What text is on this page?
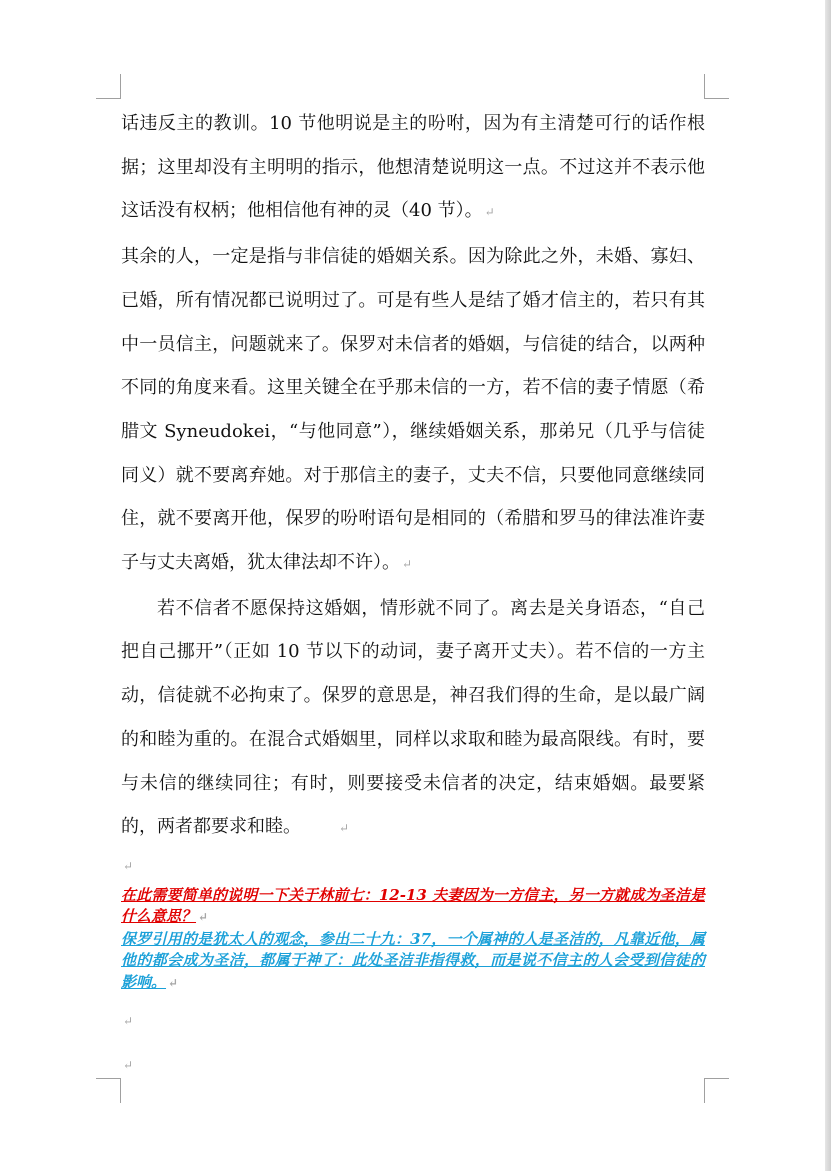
话违反主的教训。10 节他明说是主的吩咐，因为有主清楚可行的话作根据；这里却没有主明明的指示，他想清楚说明这一点。不过这并不表示他这话没有权柄；他相信他有神的灵（40 节）。 ↵

其余的人，一定是指与非信徒的婚姻关系。因为除此之外，未婚、寡妇、已婚，所有情况都已说明过了。可是有些人是结了婚才信主的，若只有其中一员信主，问题就来了。保罗对未信者的婚姻，与信徒的结合，以两种不同的角度来看。这里关键全在乎那未信的一方，若不信的妻子情愿（希腊文 Syneudokei，“与他同意”），继续婚姻关系，那弟兄（几乎与信徒同义）就不要离弃她。对于那信主的妻子，丈夫不信，只要他同意继续同住，就不要离开他，保罗的吩咐语句是相同的（希腊和罗马的律法准许妻子与丈夫离婚，犹太律法却不许）。 ↵

若不信者不愿保持这婚姻，情形就不同了。离去是关身语态，“自己把自己挪开”（正如 10 节以下的动词，妻子离开丈夫）。若不信的一方主动，信徒就不必拘束了。保罗的意思是，神召我们得的生命，是以最广阔的和睦为重的。在混合式婚姻里，同样以求取和睦为最高限线。有时，要与未信的继续同往；有时，则要接受未信者的决定，结束婚姻。最要紧的，两者都要求和睦。	↵

↵

在此需要简单的说明一下关于林前七：12-13 夫妻因为一方信主，另一方就成为圣洁是什么意思？ ↵

保罗引用的是犹太人的观念，参出二十九：37，一个属神的人是圣洁的，凡靠近他，属他的都会成为圣洁，都属于神了：此处圣洁非指得救，而是说不信主的人会受到信徒的影响。 ↵

↵
↵
